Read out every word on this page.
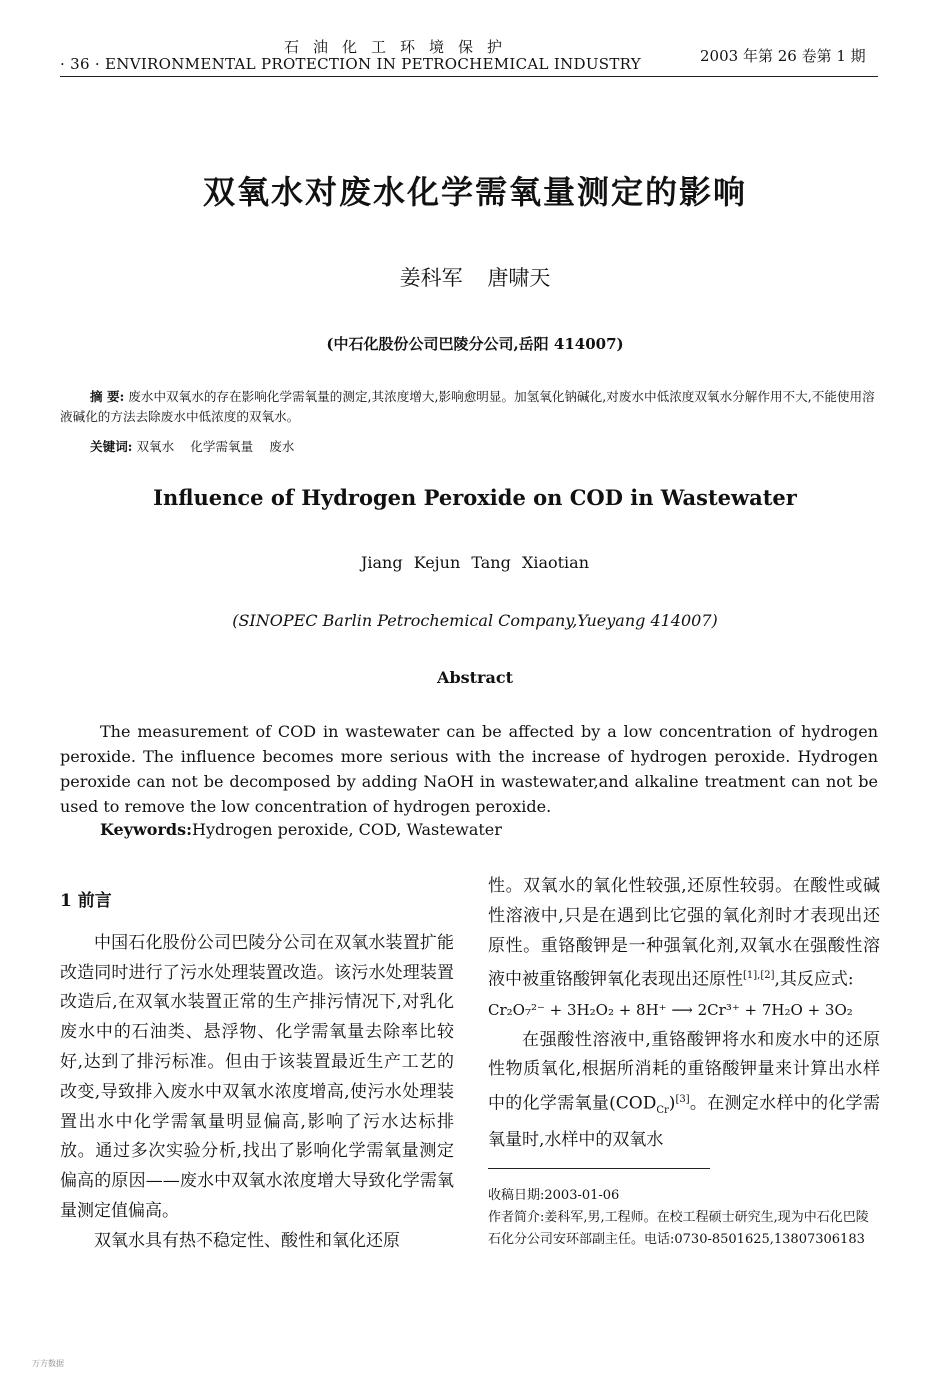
石油化工环境保护
· 36 · ENVIRONMENTAL PROTECTION IN PETROCHEMICAL INDUSTRY	2003 年第 26 卷第 1 期
双氧水对废水化学需氧量测定的影响
姜科军 唐啸天
(中石化股份公司巴陵分公司,岳阳 414007)
摘 要: 废水中双氧水的存在影响化学需氧量的测定,其浓度增大,影响愈明显。加氢氧化钠碱化,对废水中低浓度双氧水分解作用不大,不能使用溶液碱化的方法去除废水中低浓度的双氧水。
关键词: 双氧水 化学需氧量 废水
Influence of Hydrogen Peroxide on COD in Wastewater
Jiang Kejun Tang Xiaotian
(SINOPEC Barlin Petrochemical Company,Yueyang 414007)
Abstract
The measurement of COD in wastewater can be affected by a low concentration of hydrogen peroxide. The influence becomes more serious with the increase of hydrogen peroxide. Hydrogen peroxide can not be decomposed by adding NaOH in wastewater,and alkaline treatment can not be used to remove the low concentration of hydrogen peroxide.
Keywords:Hydrogen peroxide, COD, Wastewater
1 前言

中国石化股份公司巴陵分公司在双氧水装置扩能改造同时进行了污水处理装置改造。该污水处理装置改造后,在双氧水装置正常的生产排污情况下,对乳化废水中的石油类、悬浮物、化学需氧量去除率比较好,达到了排污标准。但由于该装置最近生产工艺的改变,导致排入废水中双氧水浓度增高,使污水处理装置出水中化学需氧量明显偏高,影响了污水达标排放。通过多次实验分析,找出了影响化学需氧量测定偏高的原因——废水中双氧水浓度增大导致化学需氧量测定值偏高。

双氧水具有热不稳定性、酸性和氧化还原

性。双氧水的氧化性较强,还原性较弱。在酸性或碱性溶液中,只是在遇到比它强的氧化剂时才表现出还原性。重铬酸钾是一种强氧化剂,双氧水在强酸性溶液中被重铬酸钾氧化表现出还原性[1],[2],其反应式:

Cr₂O₇²⁻ + 3H₂O₂ + 8H⁺ ⟶ 2Cr³⁺ + 7H₂O + 3O₂

在强酸性溶液中,重铬酸钾将水和废水中的还原性物质氧化,根据所消耗的重铬酸钾量来计算出水样中的化学需氧量$(COD_{Cr})[3]$。在测定水样中的化学需氧量时,水样中的双氧水

收稿日期:2003-01-06
作者简介:姜科军,男,工程师。在校工程硕士研究生,现为中石化巴陵石化分公司安环部副主任。电话:0730-8501625,13807306183
万方数据
